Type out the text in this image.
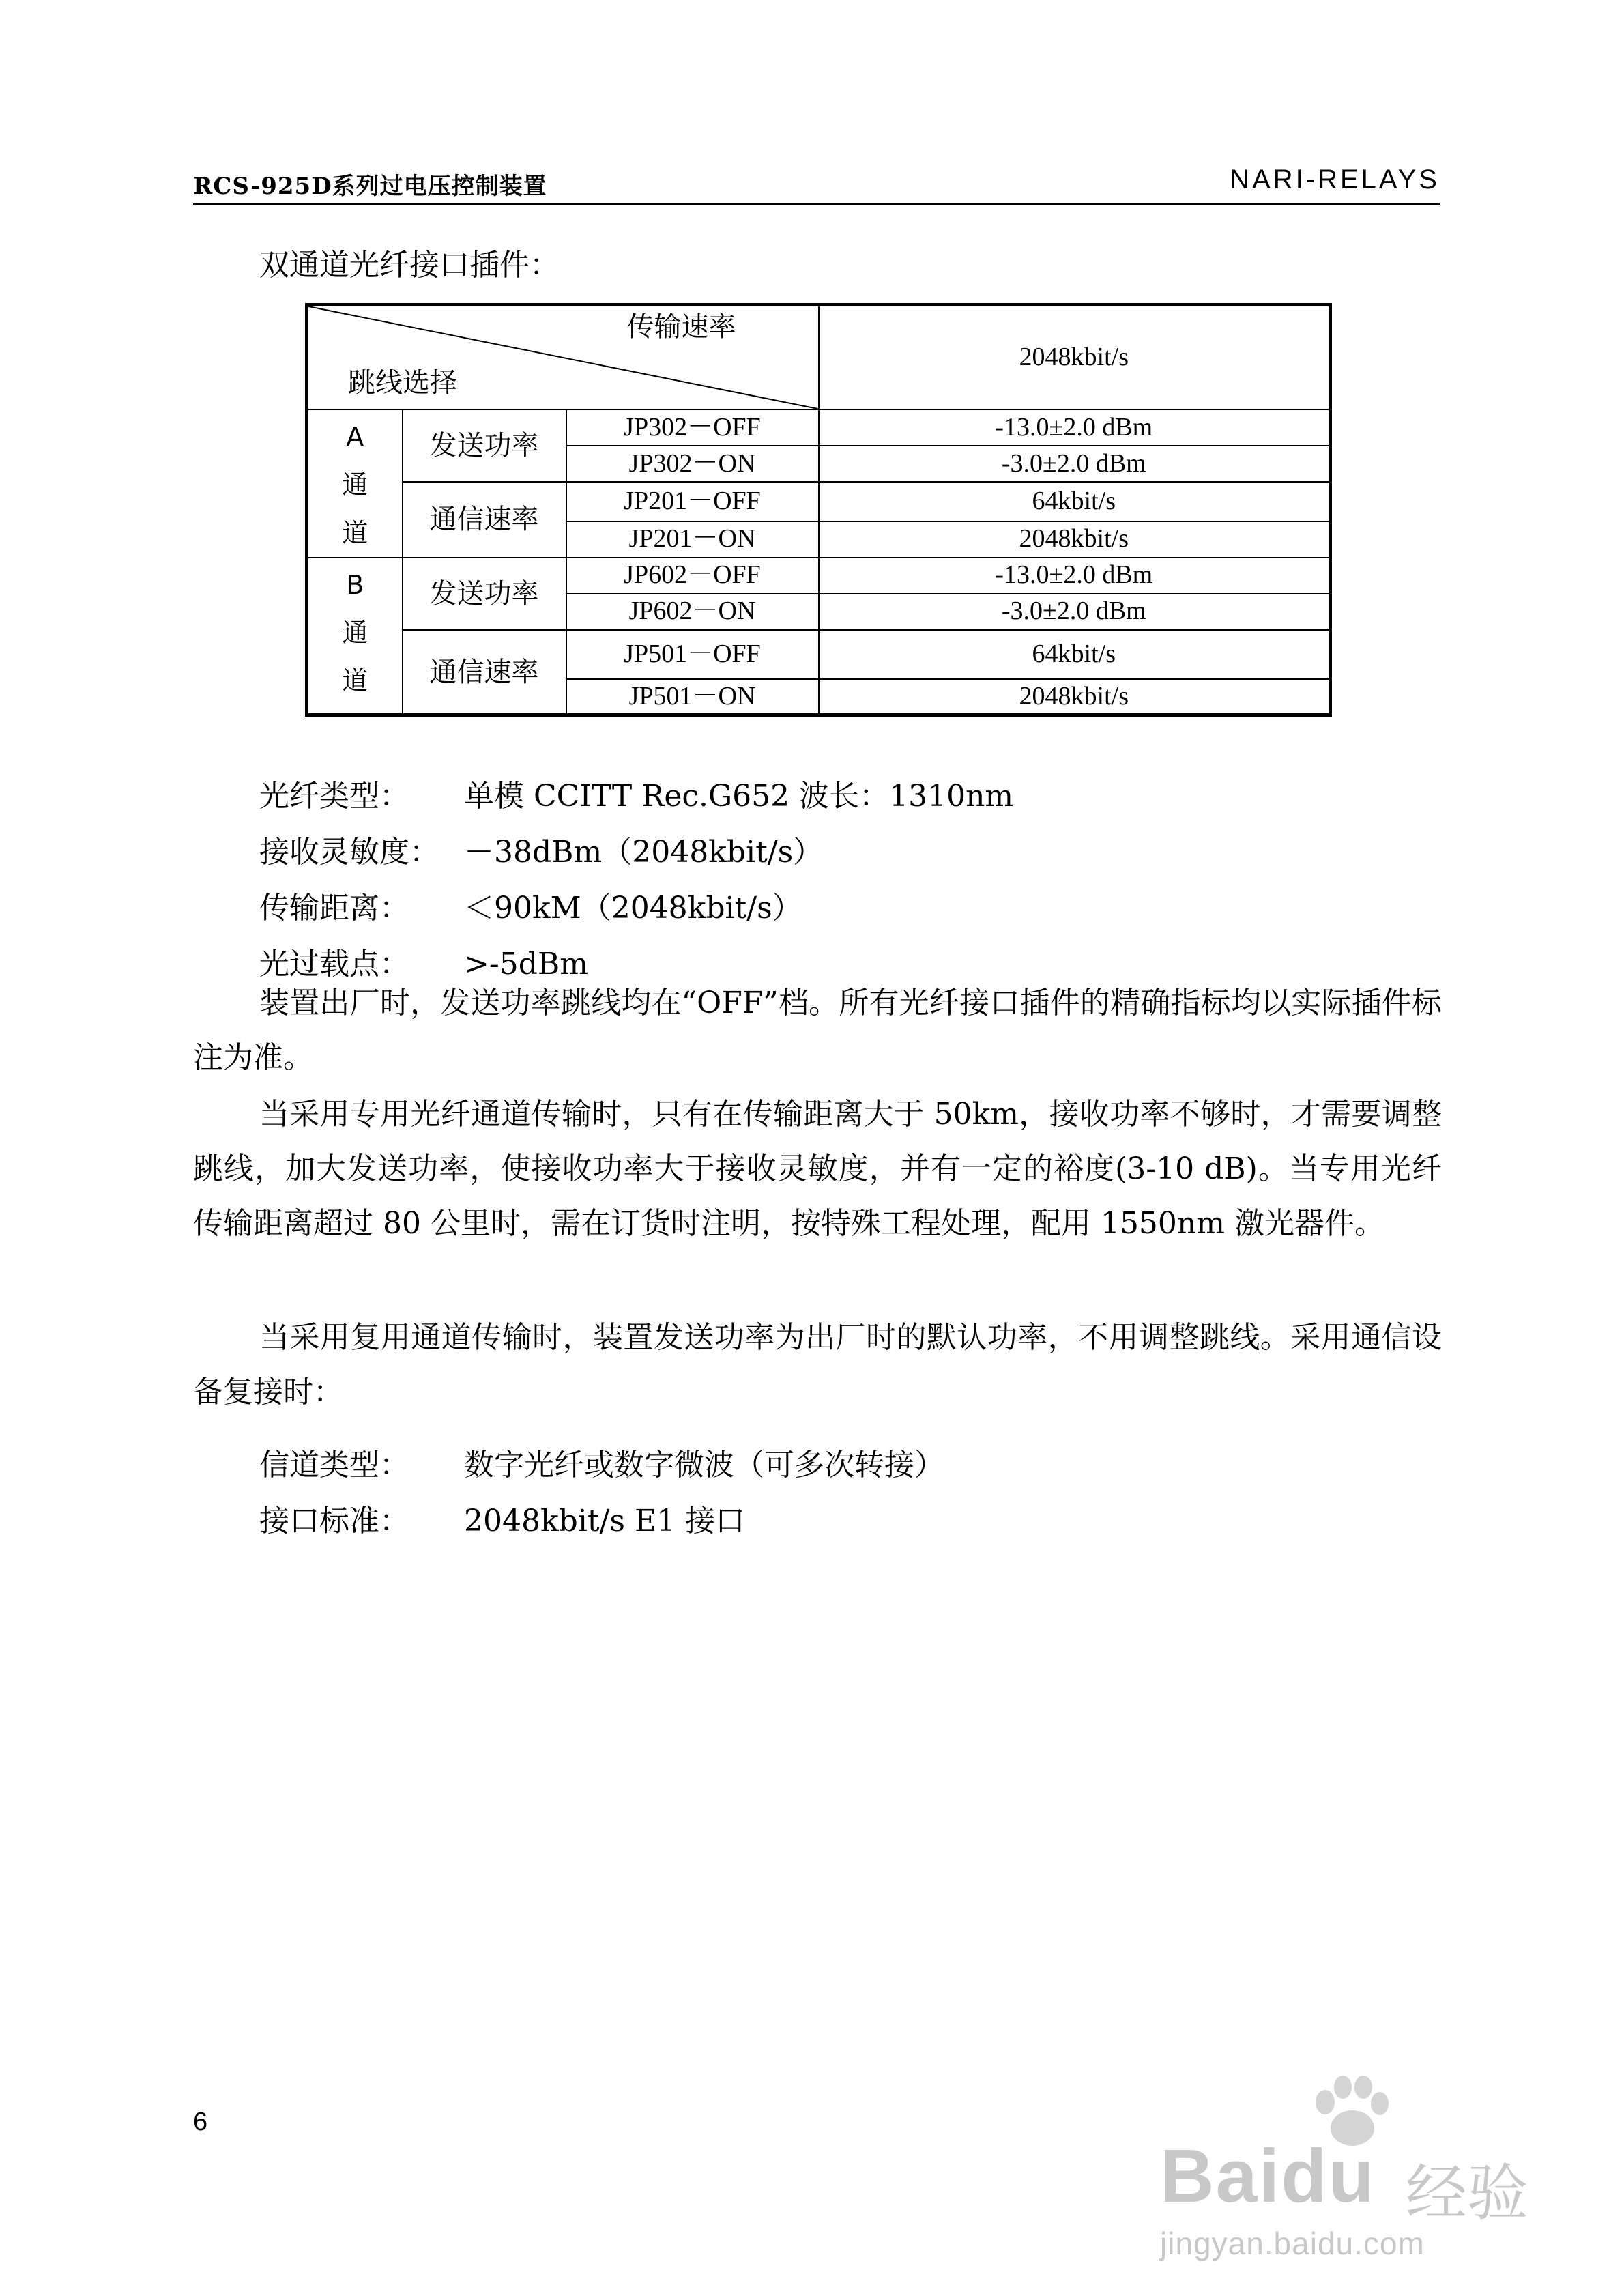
RCS-925D系列过电压控制装置	NARI-RELAYS
双通道光纤接口插件：
传输速率
跳线选择			2048kbit/s
A
通
道	发送功率	JP302－OFF	-13.0±2.0 dBm
		JP302－ON	-3.0±2.0 dBm
	通信速率	JP201－OFF	64kbit/s
		JP201－ON	2048kbit/s
B
通
道	发送功率	JP602－OFF	-13.0±2.0 dBm
		JP602－ON	-3.0±2.0 dBm
	通信速率	JP501－OFF	64kbit/s
		JP501－ON	2048kbit/s
光纤类型： 单模 CCITT Rec.G652 波长：1310nm
接收灵敏度： －38dBm（2048kbit/s）
传输距离： ＜90kM（2048kbit/s）
光过载点： >-5dBm

装置出厂时，发送功率跳线均在“OFF”档。所有光纤接口插件的精确指标均以实际插件标注为准。

当采用专用光纤通道传输时，只有在传输距离大于 50km，接收功率不够时，才需要调整跳线，加大发送功率，使接收功率大于接收灵敏度，并有一定的裕度(3-10 dB)。当专用光纤传输距离超过 80 公里时，需在订货时注明，按特殊工程处理，配用 1550nm 激光器件。

当采用复用通道传输时，装置发送功率为出厂时的默认功率，不用调整跳线。采用通信设备复接时：

信道类型： 数字光纤或数字微波（可多次转接）
接口标准： 2048kbit/s E1 接口
6
Baidu 经验
jingyan.baidu.com
